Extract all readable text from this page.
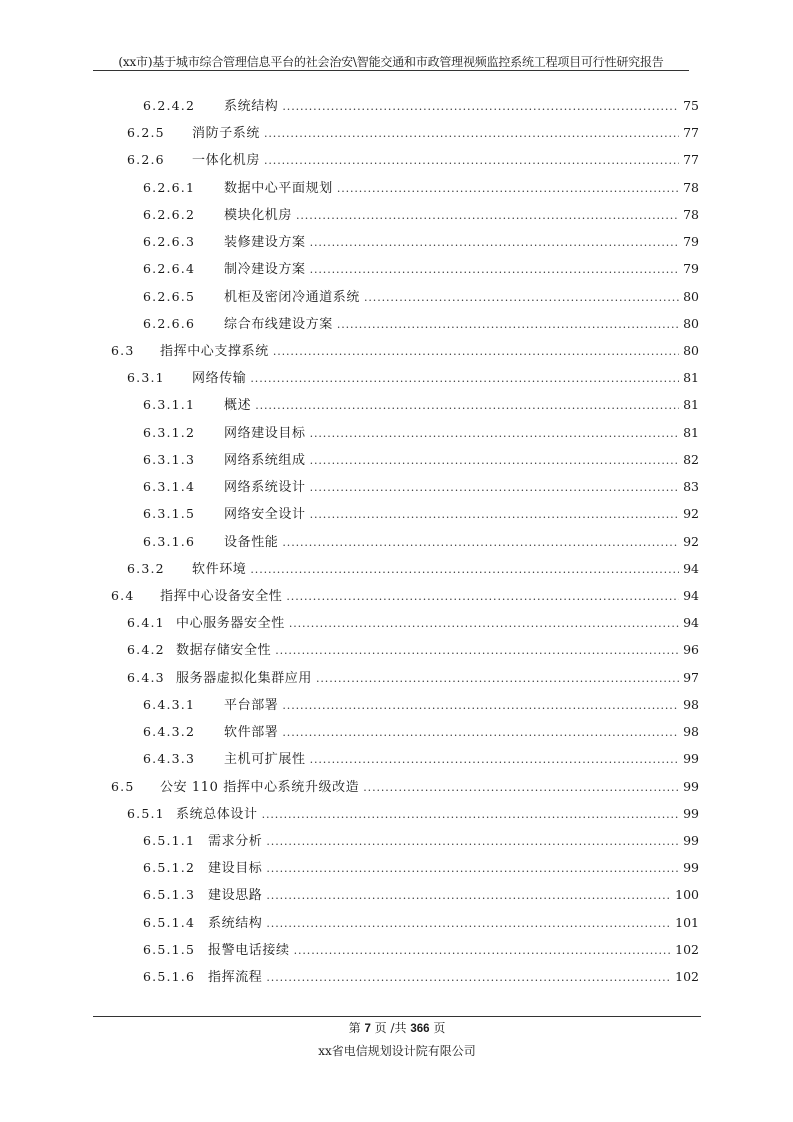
(xx市)基于城市综合管理信息平台的社会治安\智能交通和市政管理视频监控系统工程项目可行性研究报告
6.2.4.2	系统结构 .....	75
6.2.5	消防子系统 .....	77
6.2.6	一体化机房 .....	77
6.2.6.1	数据中心平面规划 .....	78
6.2.6.2	模块化机房 .....	78
6.2.6.3	装修建设方案 .....	79
6.2.6.4	制冷建设方案 .....	79
6.2.6.5	机柜及密闭冷通道系统 .....	80
6.2.6.6	综合布线建设方案 .....	80
6.3	指挥中心支撑系统 .....	80
6.3.1	网络传输 .....	81
6.3.1.1	概述 .....	81
6.3.1.2	网络建设目标 .....	81
6.3.1.3	网络系统组成 .....	82
6.3.1.4	网络系统设计 .....	83
6.3.1.5	网络安全设计 .....	92
6.3.1.6	设备性能 .....	92
6.3.2	软件环境 .....	94
6.4	指挥中心设备安全性 .....	94
6.4.1 中心服务器安全性 .....	94
6.4.2 数据存储安全性 .....	96
6.4.3 服务器虚拟化集群应用 .....	97
6.4.3.1	平台部署 .....	98
6.4.3.2	软件部署 .....	98
6.4.3.3	主机可扩展性 .....	99
6.5	公安 110 指挥中心系统升级改造 .....	99
6.5.1 系统总体设计 .....	99
6.5.1.1 需求分析 .....	99
6.5.1.2 建设目标 .....	99
6.5.1.3 建设思路 .....	100
6.5.1.4 系统结构 .....	101
6.5.1.5 报警电话接续 .....	102
6.5.1.6 指挥流程 .....	102
第 7 页 /共 366 页
xx省电信规划设计院有限公司
